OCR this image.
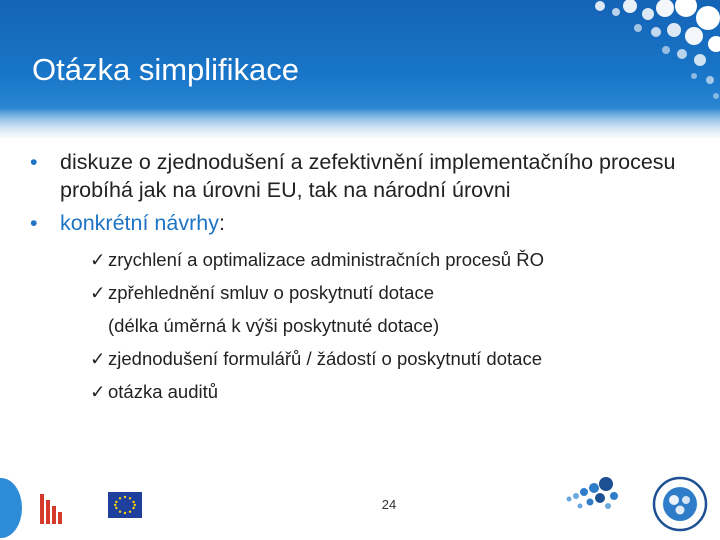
Otázka simplifikace

• diskuze o zjednodušení a zefektivnění implementačního procesu probíhá jak na úrovni EU, tak na národní úrovni

• konkrétní návrhy:

✓ zrychlení a optimalizace administračních procesů ŘO
✓ zpřehlednění smluv o poskytnutí dotace
(délka úměrná k výši poskytnuté dotace)
✓ zjednodušení formulářů / žádostí o poskytnutí dotace
✓ otázka auditů
24
